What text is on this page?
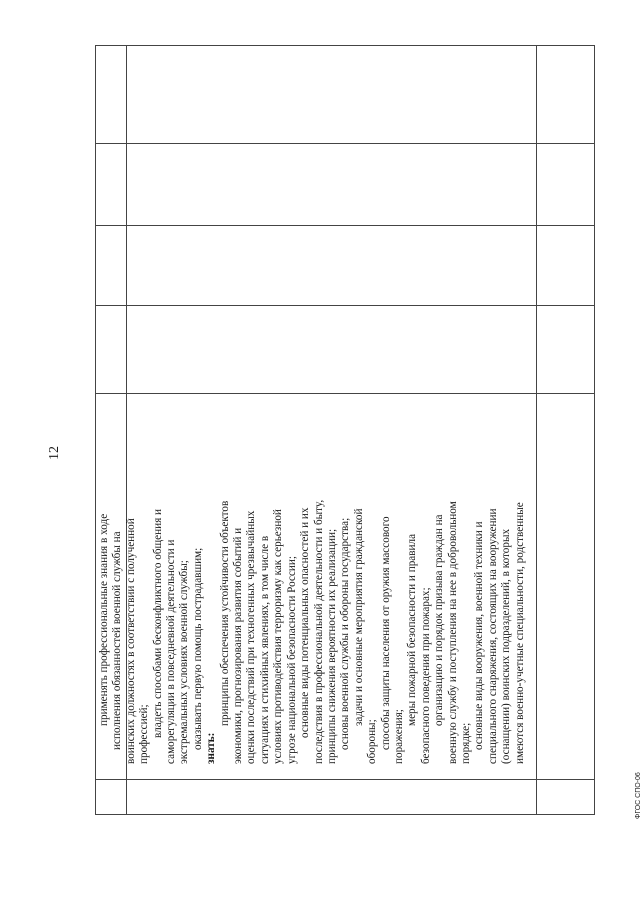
12
применять профессиональные знания в ходе исполнения обязанностей военной службы на воинских должностях в соответствии с полученной профессией; владеть способами бесконфликтного общения и саморегуляции в повседневной деятельности и экстремальных условиях военной службы; оказывать первую помощь пострадавшим; знать:
принципы обеспечения устойчивости объектов экономики, прогнозирования развития событий и оценки последствий при техногенных чрезвычайных ситуациях и стихийных явлениях, в том числе в условиях противодействия терроризму как серьезной угрозе национальной безопасности России; основные виды потенциальных опасностей и их последствия в профессиональной деятельности и быту, принципы снижения вероятности их реализации; основы военной службы и обороны государства; задачи и основные мероприятия гражданской
обороны; способы защиты населения от оружия массового поражения;
меры пожарной безопасности и правила безопасного поведения при пожарах; организацию и порядок призыва граждан на военную службу и поступления на нее в добровольном порядке; основные виды вооружения, военной техники и специального снаряжения, состоящих на вооружении (оснащении) воинских подразделений, в которых имеются военно-учетные специальности, родственные
ФГОС СПО-06
